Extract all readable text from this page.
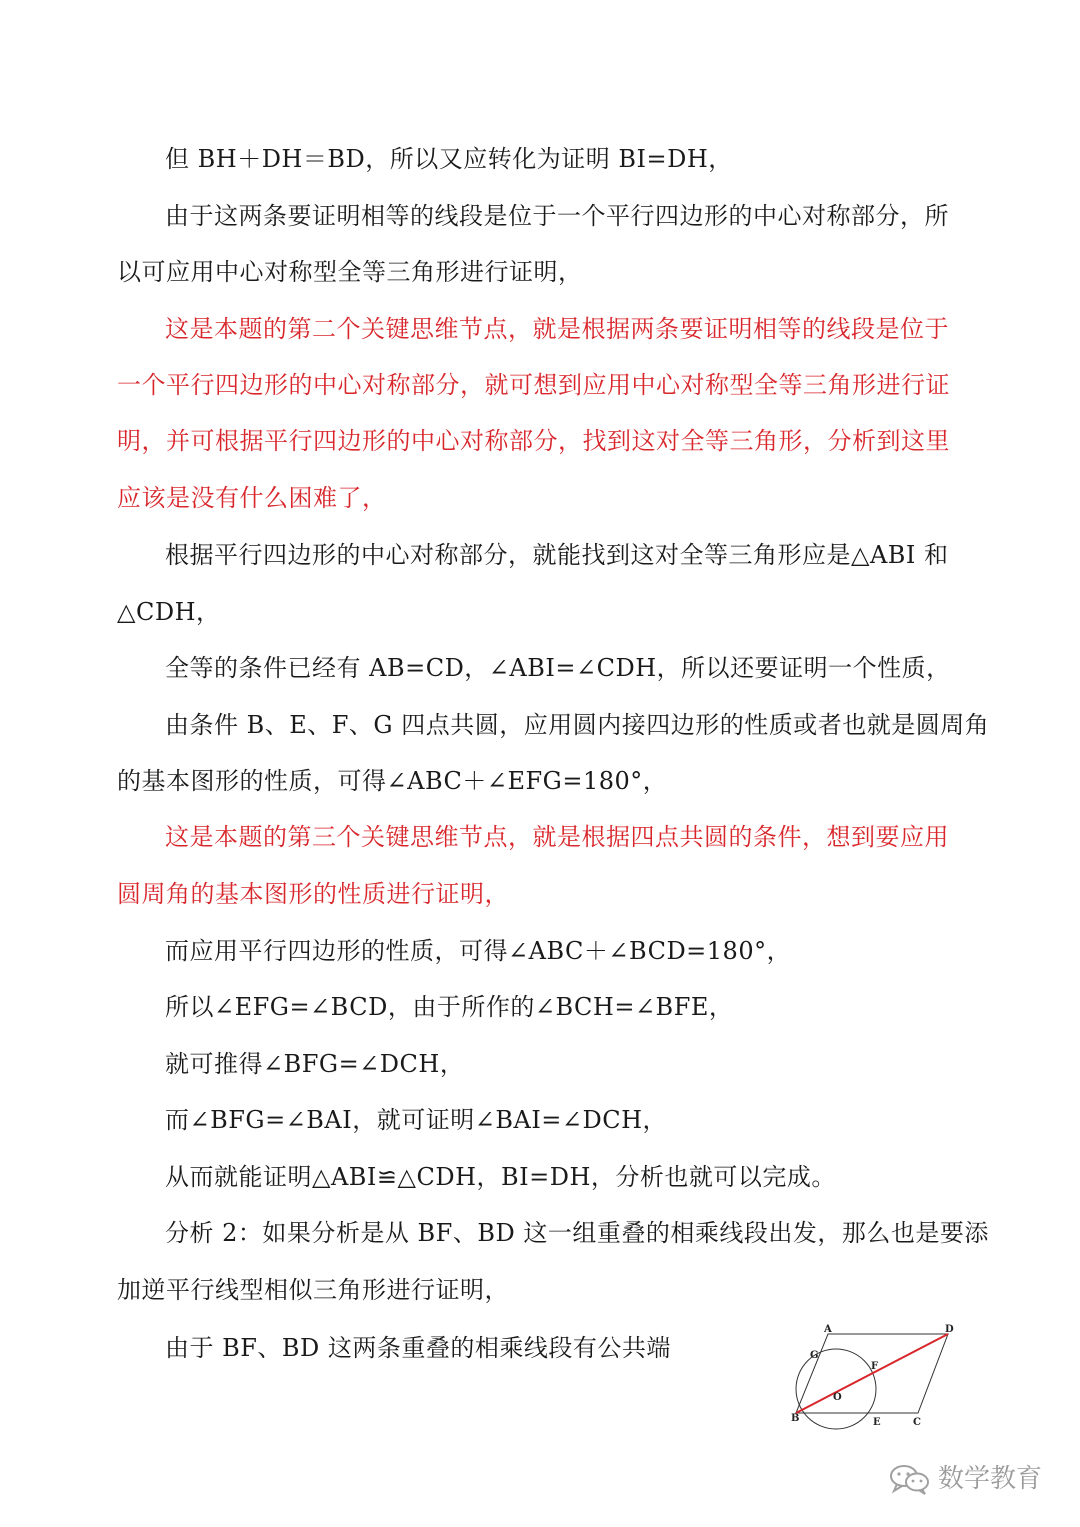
但 BH＋DH＝BD，所以又应转化为证明 BI=DH，
由于这两条要证明相等的线段是位于一个平行四边形的中心对称部分，所
以可应用中心对称型全等三角形进行证明，
这是本题的第二个关键思维节点，就是根据两条要证明相等的线段是位于
一个平行四边形的中心对称部分，就可想到应用中心对称型全等三角形进行证
明，并可根据平行四边形的中心对称部分，找到这对全等三角形，分析到这里
应该是没有什么困难了，
根据平行四边形的中心对称部分，就能找到这对全等三角形应是△ABI 和
△CDH，
全等的条件已经有 AB=CD，∠ABI=∠CDH，所以还要证明一个性质，
由条件 B、E、F、G 四点共圆，应用圆内接四边形的性质或者也就是圆周角
的基本图形的性质，可得∠ABC＋∠EFG=180°，
这是本题的第三个关键思维节点，就是根据四点共圆的条件，想到要应用
圆周角的基本图形的性质进行证明，
而应用平行四边形的性质，可得∠ABC＋∠BCD=180°，
所以∠EFG=∠BCD，由于所作的∠BCH=∠BFE，
就可推得∠BFG=∠DCH，
而∠BFG=∠BAI，就可证明∠BAI=∠DCH，
从而就能证明△ABI≌△CDH，BI=DH，分析也就可以完成。
分析 2：如果分析是从 BF、BD 这一组重叠的相乘线段出发，那么也是要添
加逆平行线型相似三角形进行证明，
由于 BF、BD 这两条重叠的相乘线段有公共端
A	D
G
F
B
O
E	C
数学教育
